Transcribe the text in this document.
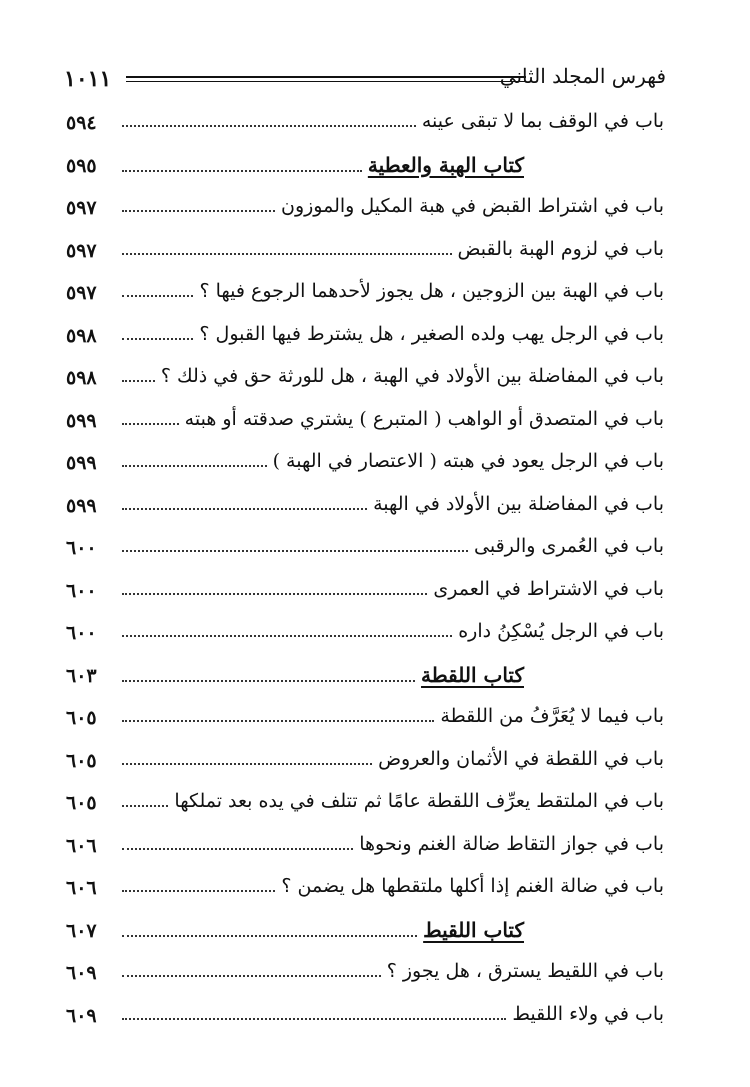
١٠١١	فهرس المجلد الثاني
٥٩٤	باب في الوقف بما لا تبقى عينه
٥٩٥	كتاب الهبة والعطية
٥٩٧	باب في اشتراط القبض في هبة المكيل والموزون
٥٩٧	باب في لزوم الهبة بالقبض
٥٩٧	باب في الهبة بين الزوجين ، هل يجوز لأحدهما الرجوع فيها ؟
٥٩٨	باب في الرجل يهب ولده الصغير ، هل يشترط فيها القبول ؟
٥٩٨	باب في المفاضلة بين الأولاد في الهبة ، هل للورثة حق في ذلك ؟
٥٩٩	باب في المتصدق أو الواهب ( المتبرع ) يشتري صدقته أو هبته
٥٩٩	باب في الرجل يعود في هبته ( الاعتصار في الهبة )
٥٩٩	باب في المفاضلة بين الأولاد في الهبة
٦٠٠	باب في العُمرى والرقبى
٦٠٠	باب في الاشتراط في العمرى
٦٠٠	باب في الرجل يُسْكِنُ داره
٦٠٣	كتاب اللقطة
٦٠٥	باب فيما لا يُعَرَّفُ من اللقطة
٦٠٥	باب في اللقطة في الأثمان والعروض
٦٠٥	باب في الملتقط يعرِّف اللقطة عامًا ثم تتلف في يده بعد تملكها
٦٠٦	باب في جواز التقاط ضالة الغنم ونحوها
٦٠٦	باب في ضالة الغنم إذا أكلها ملتقطها هل يضمن ؟
٦٠٧	كتاب اللقيط
٦٠٩	باب في اللقيط يسترق ، هل يجوز ؟
٦٠٩	باب في ولاء اللقيط
